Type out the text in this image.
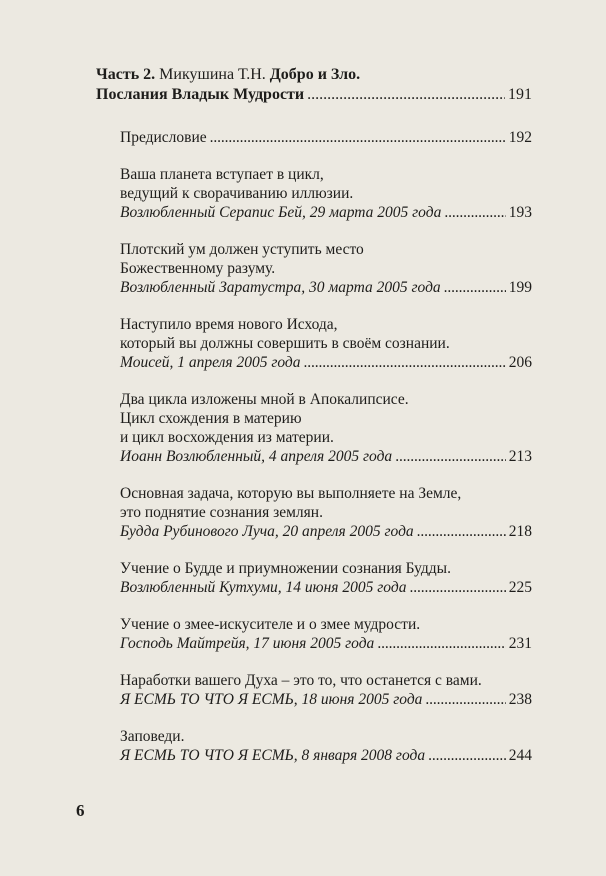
Часть 2.
Микушина Т.Н.
Добро и Зло.
Послания Владык Мудрости . . .	191
Предисловие . . .	192
Ваша планета вступает в цикл,
ведущий к сворачиванию иллюзии.
Возлюбленный Серапис Бей, 29 марта 2005 года . . .	193
Плотский ум должен уступить место
Божественному разуму.
Возлюбленный Заратустра, 30 марта 2005 года . . .	199
Наступило время нового Исхода,
который вы должны совершить в своём сознании.
Моисей, 1 апреля 2005 года . . .	206
Два цикла изложены мной в Апокалипсисе.
Цикл схождения в материю
и цикл восхождения из материи.
Иоанн Возлюбленный, 4 апреля 2005 года . . .	213
Основная задача, которую вы выполняете на Земле,
это поднятие сознания землян.
Будда Рубинового Луча, 20 апреля 2005 года . . .	218
Учение о Будде и приумножении сознания Будды.
Возлюбленный Кутхуми, 14 июня 2005 года . . .	225
Учение о змее-искусителе и о змее мудрости.
Господь Майтрейя, 17 июня 2005 года . . .	231
Наработки вашего Духа – это то, что останется с вами.
Я ЕСМЬ ТО ЧТО Я ЕСМЬ, 18 июня 2005 года . . .	238
Заповеди.
Я ЕСМЬ ТО ЧТО Я ЕСМЬ, 8 января 2008 года . . .	244
6
